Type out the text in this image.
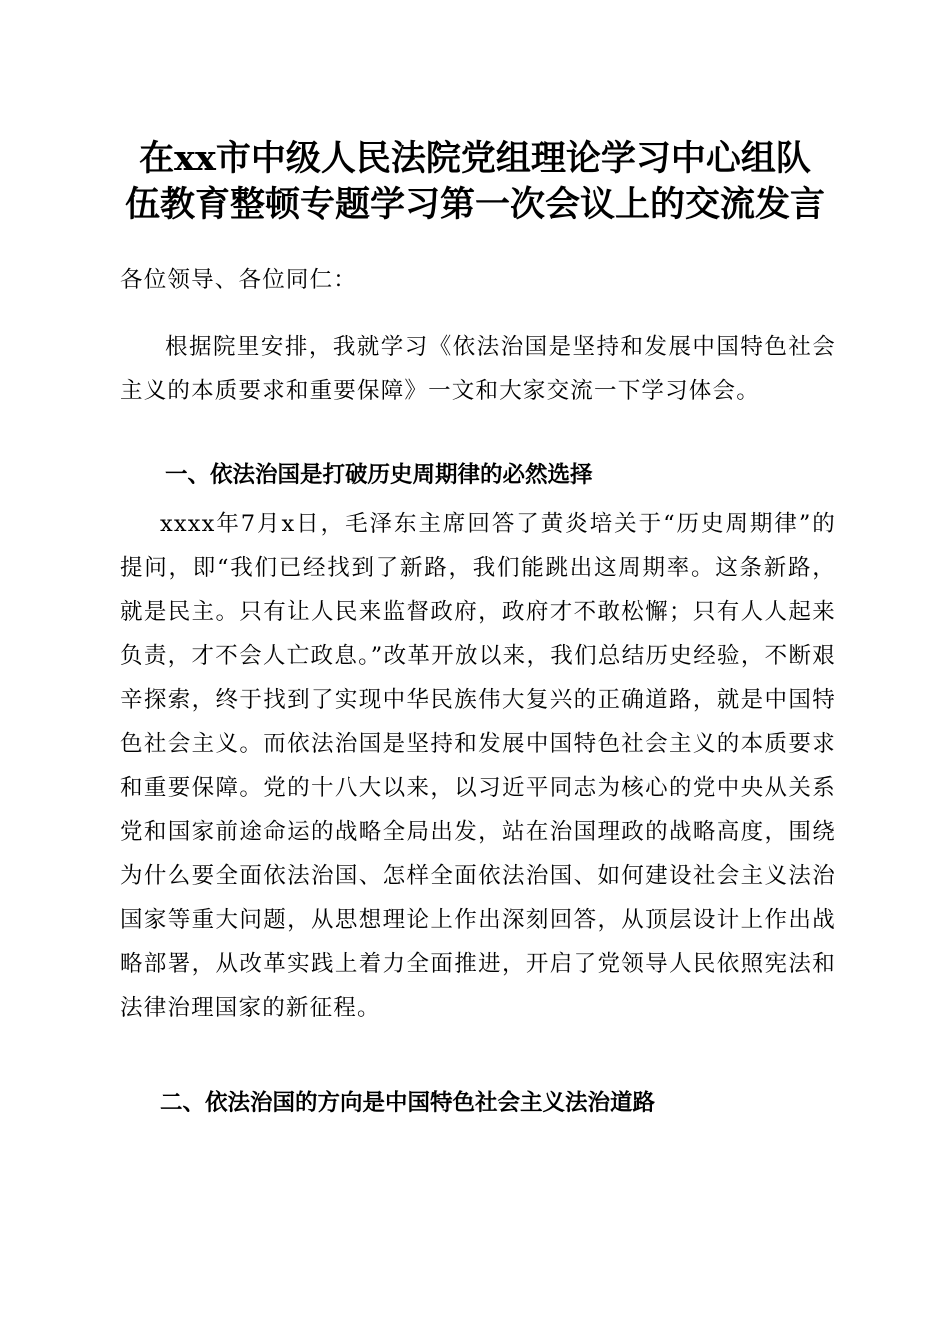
在xx市中级人民法院党组理论学习中心组队
伍教育整顿专题学习第一次会议上的交流发言

各位领导、各位同仁：

根据院里安排，我就学习《依法治国是坚持和发展中国特色社会主义的本质要求和重要保障》一文和大家交流一下学习体会。

一、依法治国是打破历史周期律的必然选择

xxxx年7月x日，毛泽东主席回答了黄炎培关于“历史周期律”的提问，即“我们已经找到了新路，我们能跳出这周期率。这条新路，就是民主。只有让人民来监督政府，政府才不敢松懈；只有人人起来负责，才不会人亡政息。”改革开放以来，我们总结历史经验，不断艰辛探索，终于找到了实现中华民族伟大复兴的正确道路，就是中国特色社会主义。而依法治国是坚持和发展中国特色社会主义的本质要求和重要保障。党的十八大以来，以习近平同志为核心的党中央从关系党和国家前途命运的战略全局出发，站在治国理政的战略高度，围绕为什么要全面依法治国、怎样全面依法治国、如何建设社会主义法治国家等重大问题，从思想理论上作出深刻回答，从顶层设计上作出战略部署，从改革实践上着力全面推进，开启了党领导人民依照宪法和法律治理国家的新征程。

二、依法治国的方向是中国特色社会主义法治道路
